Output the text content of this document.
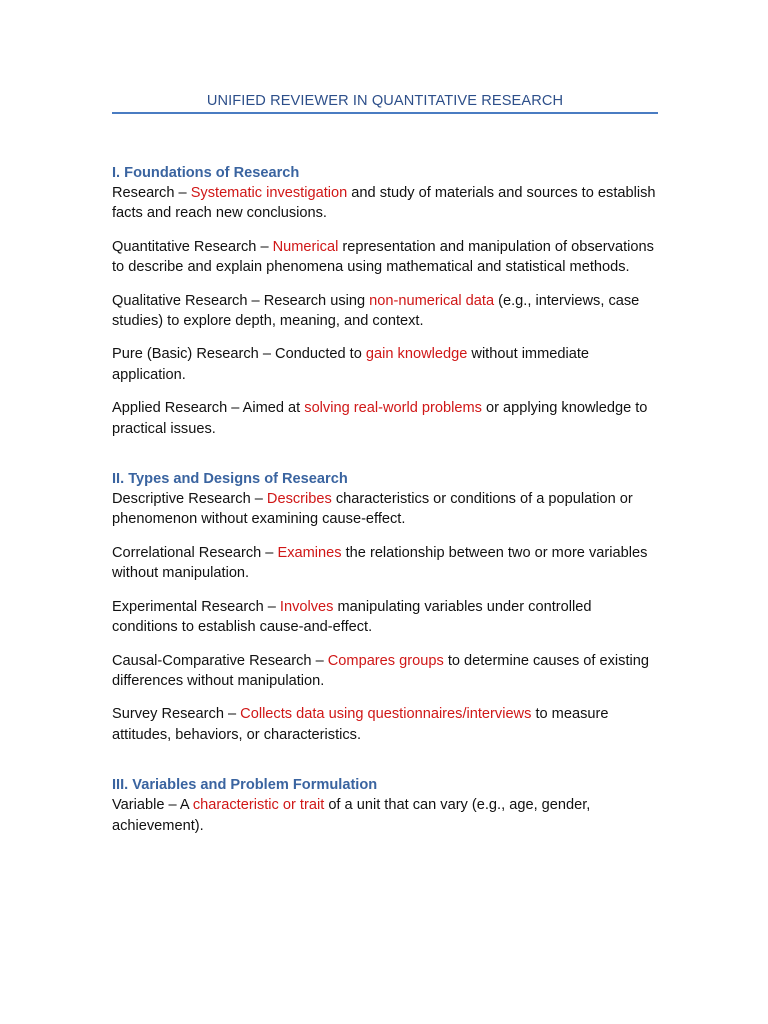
UNIFIED REVIEWER IN QUANTITATIVE RESEARCH
I. Foundations of Research

Research – Systematic investigation and study of materials and sources to establish facts and reach new conclusions.

Quantitative Research – Numerical representation and manipulation of observations to describe and explain phenomena using mathematical and statistical methods.

Qualitative Research – Research using non-numerical data (e.g., interviews, case studies) to explore depth, meaning, and context.

Pure (Basic) Research – Conducted to gain knowledge without immediate application.

Applied Research – Aimed at solving real-world problems or applying knowledge to practical issues.

II. Types and Designs of Research

Descriptive Research – Describes characteristics or conditions of a population or phenomenon without examining cause-effect.

Correlational Research – Examines the relationship between two or more variables without manipulation.

Experimental Research – Involves manipulating variables under controlled conditions to establish cause-and-effect.

Causal-Comparative Research – Compares groups to determine causes of existing differences without manipulation.

Survey Research – Collects data using questionnaires/interviews to measure attitudes, behaviors, or characteristics.

III. Variables and Problem Formulation

Variable – A characteristic or trait of a unit that can vary (e.g., age, gender, achievement).
